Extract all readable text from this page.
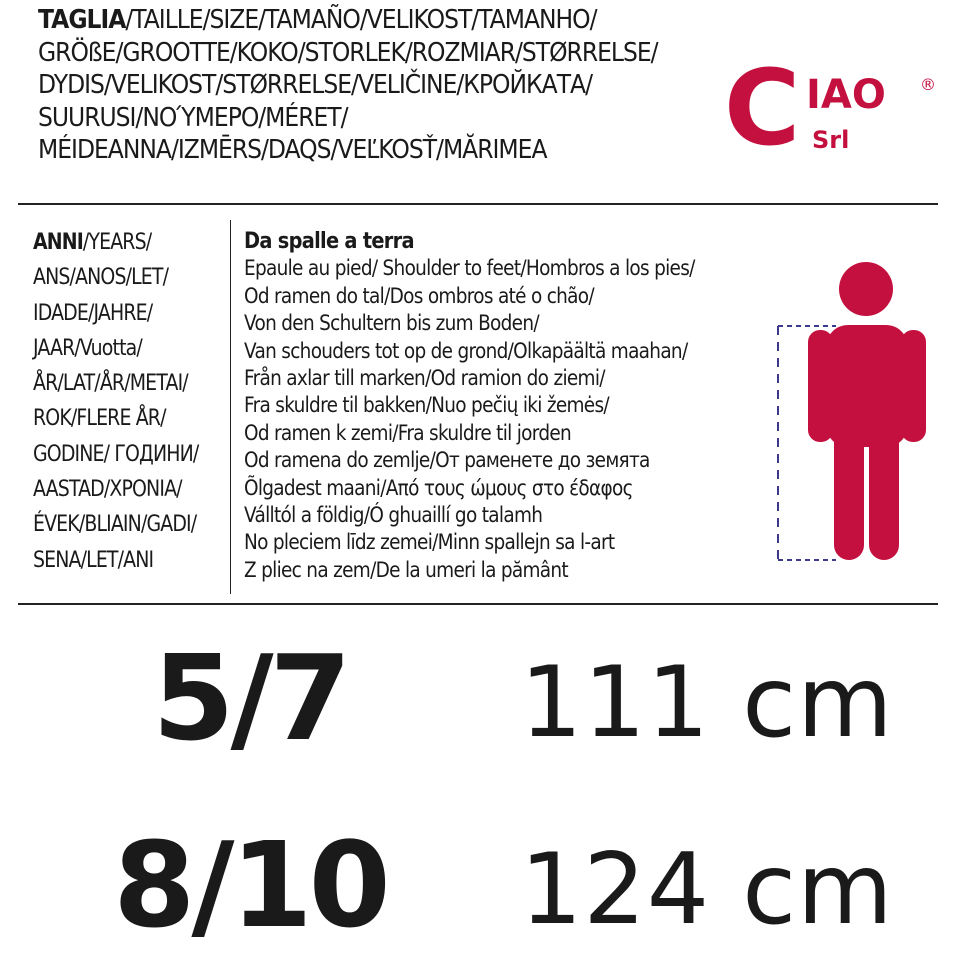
TAGLIA/TAILLE/SIZE/TAMAÑO/VELIKOST/TAMANHO/
GRÖßE/GROOTTE/KOKO/STORLEK/ROZMIAR/STØRRELSE/
DYDIS/VELIKOST/STØRRELSE/VELIČINE/КРОЙКАТА/
SUURUSI/ΝΟΎΜΕΡΟ/MÉRET/
MÉIDEANNA/IZMĒRS/DAQS/VEĽKOSŤ/MĂRIMEA	C IAO
Srl
®
ANNI/YEARS/
ANS/ANOS/LET/
IDADE/JAHRE/
JAAR/Vuotta/
ÅR/LAT/ÅR/METAI/
ROK/FLERE ÅR/
GODINE/ ГОДИНИ/
AASTAD/ΧΡΟΝΙΑ/
ÉVEK/BLIAIN/GADI/
SENA/LET/ANI
Da spalle a terra
Epaule au pied/ Shoulder to feet/Hombros a los pies/
Od ramen do tal/Dos ombros até o chão/
Von den Schultern bis zum Boden/
Van schouders tot op de grond/Olkapäältä maahan/
Från axlar till marken/Od ramion do ziemi/
Fra skuldre til bakken/Nuo pečių iki žemės/
Od ramen k zemi/Fra skuldre til jorden
Od ramena do zemlje/От раменете до земята
Õlgadest maani/Από τους ώμους στο έδαφος
Válltól a földig/Ó ghuaillí go talamh
No pleciem līdz zemei/Minn spallejn sa l-art
Z pliec na zem/De la umeri la pământ
5/7	111 cm
8/10	124 cm
